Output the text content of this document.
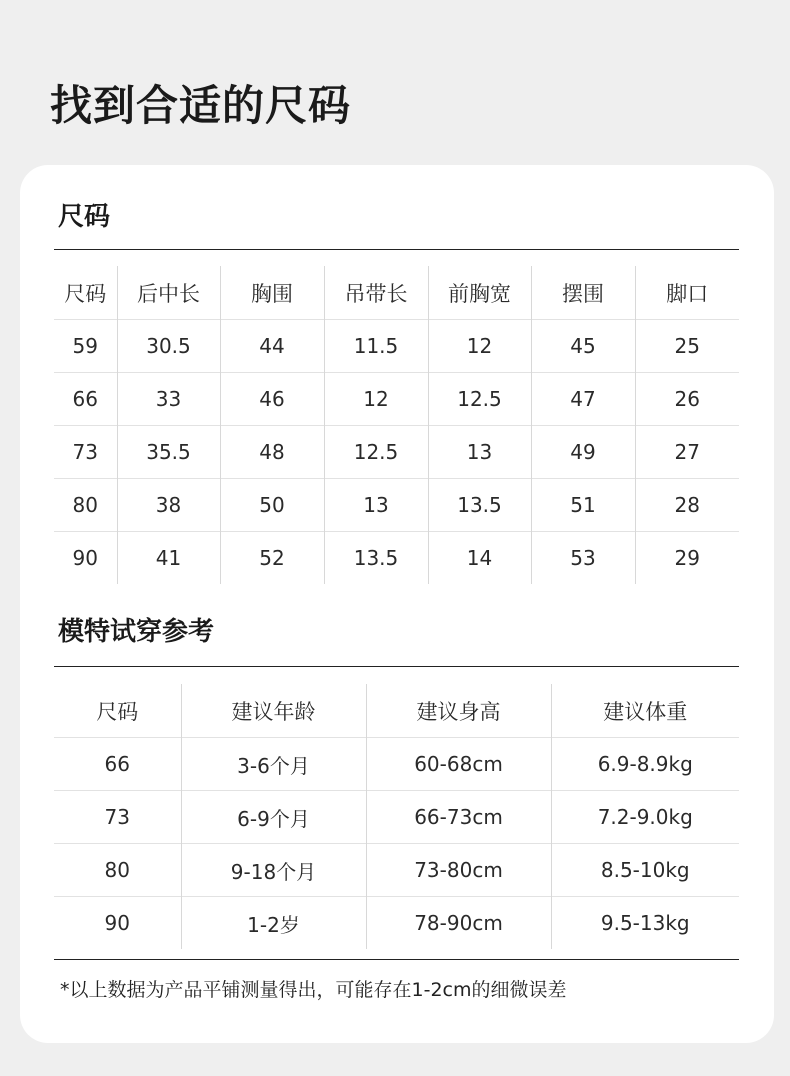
找到合适的尺码
尺码
尺码	后中长	胸围	吊带长	前胸宽	摆围	脚口
59	30.5	44	11.5	12	45	25
66	33	46	12	12.5	47	26
73	35.5	48	12.5	13	49	27
80	38	50	13	13.5	51	28
90	41	52	13.5	14	53	29
模特试穿参考
尺码	建议年龄	建议身高	建议体重
66	3-6个月	60-68cm	6.9-8.9kg
73	6-9个月	66-73cm	7.2-9.0kg
80	9-18个月	73-80cm	8.5-10kg
90	1-2岁	78-90cm	9.5-13kg

*以上数据为产品平铺测量得出，可能存在1-2cm的细微误差
